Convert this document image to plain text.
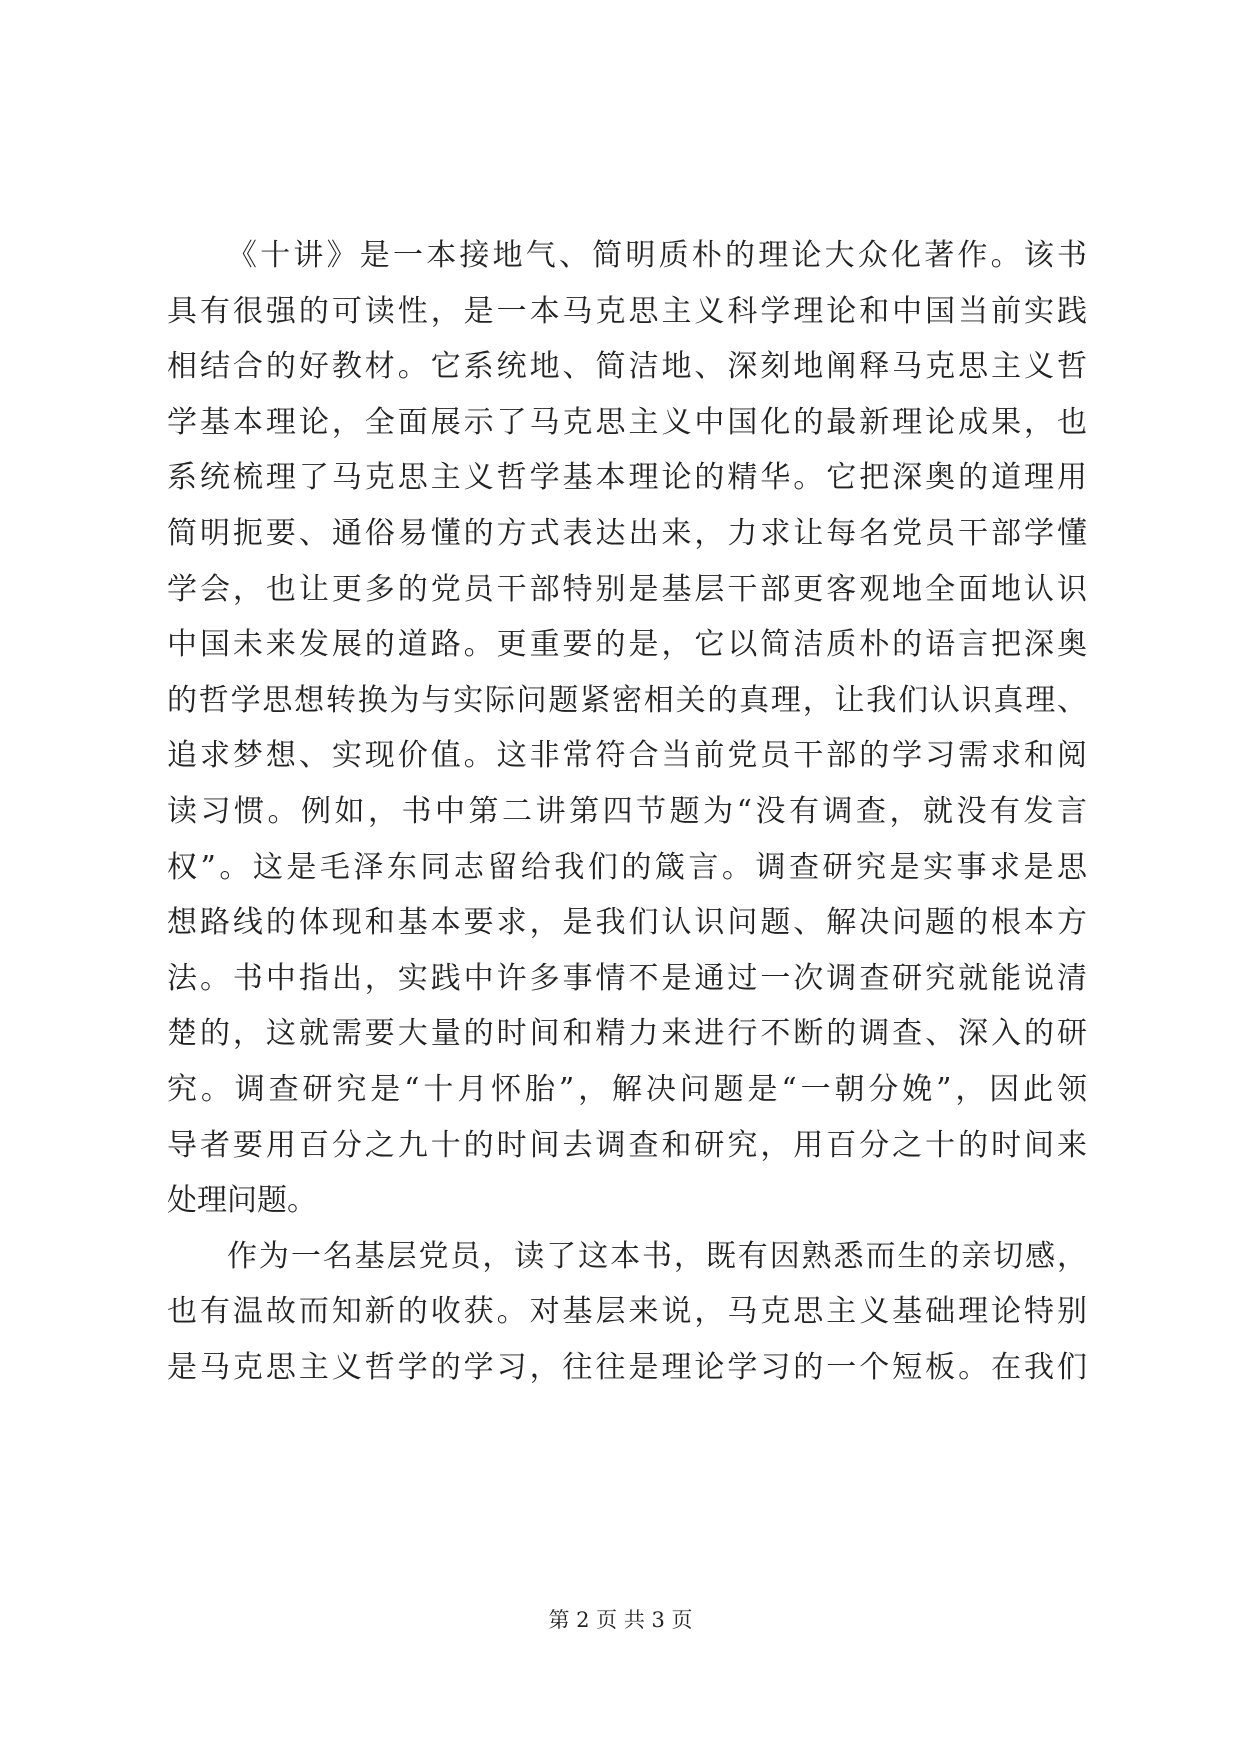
《十讲》是一本接地气、简明质朴的理论大众化著作。该书
具有很强的可读性，是一本马克思主义科学理论和中国当前实践
相结合的好教材。它系统地、简洁地、深刻地阐释马克思主义哲
学基本理论，全面展示了马克思主义中国化的最新理论成果，也
系统梳理了马克思主义哲学基本理论的精华。它把深奥的道理用
简明扼要、通俗易懂的方式表达出来，力求让每名党员干部学懂
学会，也让更多的党员干部特别是基层干部更客观地全面地认识
中国未来发展的道路。更重要的是，它以简洁质朴的语言把深奥
的哲学思想转换为与实际问题紧密相关的真理，让我们认识真理、
追求梦想、实现价值。这非常符合当前党员干部的学习需求和阅
读习惯。例如，书中第二讲第四节题为“没有调查，就没有发言
权”。这是毛泽东同志留给我们的箴言。调查研究是实事求是思
想路线的体现和基本要求，是我们认识问题、解决问题的根本方
法。书中指出，实践中许多事情不是通过一次调查研究就能说清
楚的，这就需要大量的时间和精力来进行不断的调查、深入的研
究。调查研究是“十月怀胎”，解决问题是“一朝分娩”，因此领
导者要用百分之九十的时间去调查和研究，用百分之十的时间来
处理问题。
作为一名基层党员，读了这本书，既有因熟悉而生的亲切感，
也有温故而知新的收获。对基层来说，马克思主义基础理论特别
是马克思主义哲学的学习，往往是理论学习的一个短板。在我们
第 2 页 共 3 页
